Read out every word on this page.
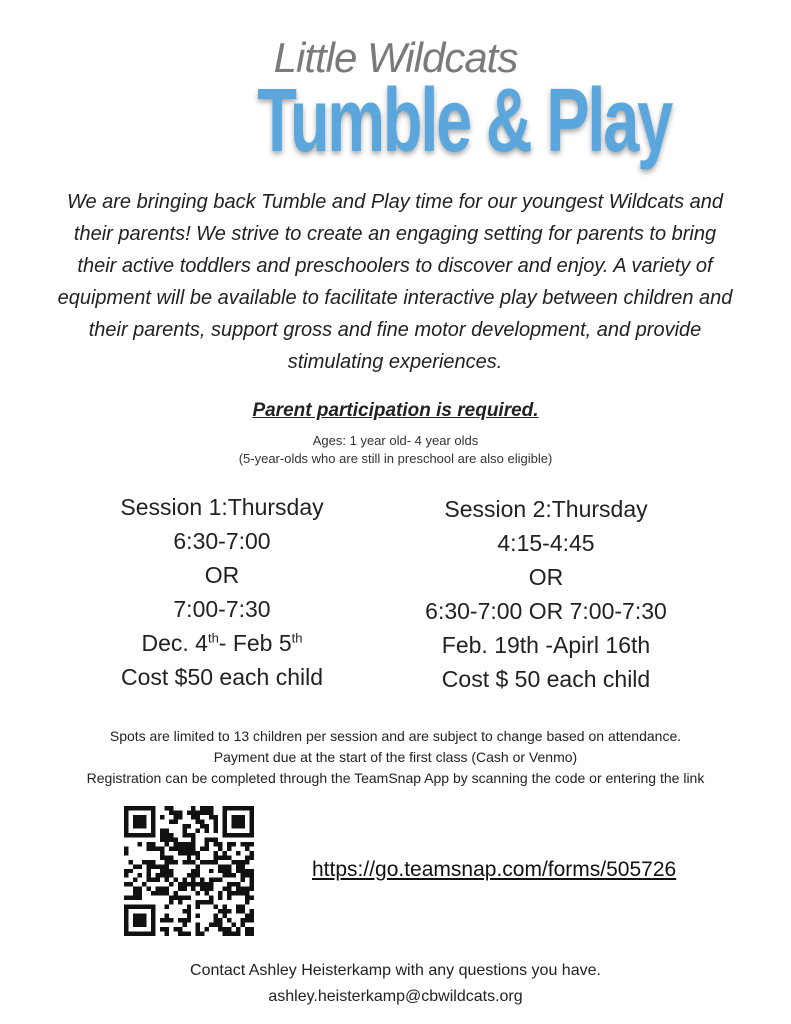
Little Wildcats
Tumble & Play
We are bringing back Tumble and Play time for our youngest Wildcats and their parents! We strive to create an engaging setting for parents to bring their active toddlers and preschoolers to discover and enjoy. A variety of equipment will be available to facilitate interactive play between children and their parents, support gross and fine motor development, and provide stimulating experiences.
Parent participation is required.
Ages: 1 year old- 4 year olds
(5-year-olds who are still in preschool are also eligible)
Session 1:Thursday
6:30-7:00
OR
7:00-7:30
Dec. 4th- Feb 5th
Cost $50 each child
Session 2:Thursday
4:15-4:45
OR
6:30-7:00 OR 7:00-7:30
Feb. 19th -Apirl 16th
Cost $ 50 each child
Spots are limited to 13 children per session and are subject to change based on attendance.
Payment due at the start of the first class (Cash or Venmo)
Registration can be completed through the TeamSnap App by scanning the code or entering the link
https://go.teamsnap.com/forms/505726
Contact Ashley Heisterkamp with any questions you have.
ashley.heisterkamp@cbwildcats.org
